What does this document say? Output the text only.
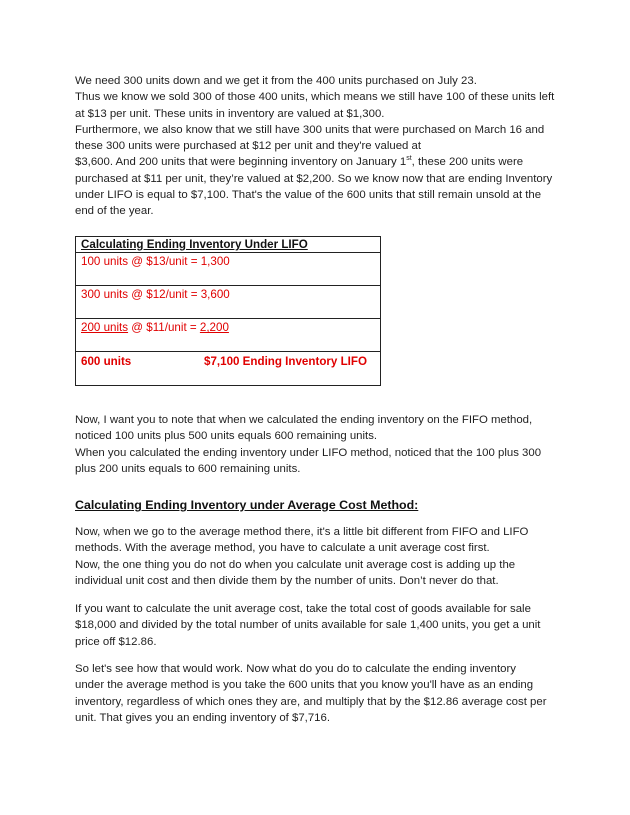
We need 300 units down and we get it from the 400 units purchased on July 23.
Thus we know we sold 300 of those 400 units, which means we still have 100 of these units left
at $13 per unit. These units in inventory are valued at $1,300.
Furthermore, we also know that we still have 300 units that were purchased on March 16 and
these 300 units were purchased at $12 per unit and they're valued at
$3,600. And 200 units that were beginning inventory on January 1st, these 200 units were
purchased at $11 per unit, they’re valued at $2,200. So we know now that are ending Inventory
under LIFO is equal to $7,100. That's the value of the 600 units that still remain unsold at the
end of the year.

Calculating Ending Inventory Under LIFO
100 units @ $13/unit = 1,300
300 units @ $12/unit = 3,600
200 units @ $11/unit = 2,200
600 units	$7,100 Ending Inventory LIFO

Now, I want you to note that when we calculated the ending inventory on the FIFO method,
noticed 100 units plus 500 units equals 600 remaining units.
When you calculated the ending inventory under LIFO method, noticed that the 100 plus 300
plus 200 units equals to 600 remaining units.

Calculating Ending Inventory under Average Cost Method:

Now, when we go to the average method there, it's a little bit different from FIFO and LIFO
methods. With the average method, you have to calculate a unit average cost first.
Now, the one thing you do not do when you calculate unit average cost is adding up the
individual unit cost and then divide them by the number of units. Don’t never do that.

If you want to calculate the unit average cost, take the total cost of goods available for sale
$18,000 and divided by the total number of units available for sale 1,400 units, you get a unit
price off $12.86.

So let's see how that would work. Now what do you do to calculate the ending inventory
under the average method is you take the 600 units that you know you'll have as an ending
inventory, regardless of which ones they are, and multiply that by the $12.86 average cost per
unit. That gives you an ending inventory of $7,716.
